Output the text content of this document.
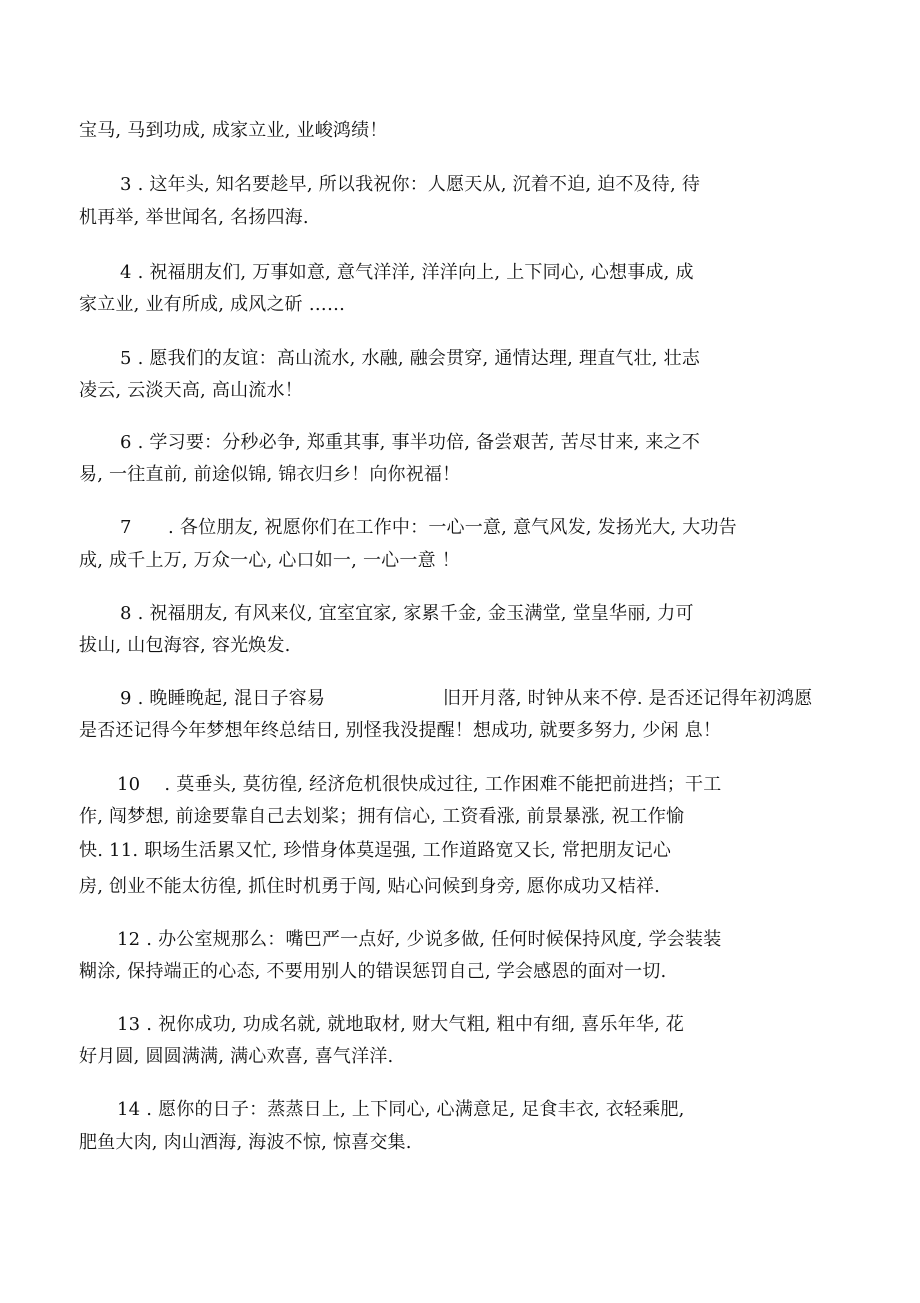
宝马, 马到功成, 成家立业, 业峻鸿绩！
3 . 这年头, 知名要趁早, 所以我祝你：人愿天从, 沉着不迫, 迫不及待, 待
机再举, 举世闻名, 名扬四海.
4 . 祝福朋友们, 万事如意, 意气洋洋, 洋洋向上, 上下同心, 心想事成, 成
家立业, 业有所成, 成风之斫 ……
5 . 愿我们的友谊：高山流水, 水融, 融会贯穿, 通情达理, 理直气壮, 壮志
凌云, 云淡天高, 高山流水！
6 . 学习要：分秒必争, 郑重其事, 事半功倍, 备尝艰苦, 苦尽甘来, 来之不
易, 一往直前, 前途似锦, 锦衣归乡！向你祝福！
7　　. 各位朋友, 祝愿你们在工作中：一心一意, 意气风发, 发扬光大, 大功告
成, 成千上万, 万众一心, 心口如一, 一心一意 ！
8 . 祝福朋友, 有风来仪, 宜室宜家, 家累千金, 金玉满堂, 堂皇华丽, 力可
拔山, 山包海容, 容光焕发.
9 . 晚睡晚起, 混日子容易	旧开月落, 时钟从来不停. 是否还记得年初鸿愿
是否还记得今年梦想年终总结日, 别怪我没提醒！想成功, 就要多努力, 少闲 息！
10　 . 莫垂头, 莫彷徨, 经济危机很快成过往, 工作困难不能把前进挡；干工
作, 闯梦想, 前途要靠自己去划桨；拥有信心, 工资看涨, 前景暴涨, 祝工作愉
快. 11. 职场生活累又忙, 珍惜身体莫逞强, 工作道路宽又长, 常把朋友记心
房, 创业不能太彷徨, 抓住时机勇于闯, 贴心问候到身旁, 愿你成功又桔祥.
12 . 办公室规那么：嘴巴严一点好, 少说多做, 任何时候保持风度, 学会装装
糊涂, 保持端正的心态, 不要用别人的错误惩罚自己, 学会感恩的面对一切.
13 . 祝你成功, 功成名就, 就地取材, 财大气粗, 粗中有细, 喜乐年华, 花
好月圆, 圆圆满满, 满心欢喜, 喜气洋洋.
14 . 愿你的日子：蒸蒸日上, 上下同心, 心满意足, 足食丰衣, 衣轻乘肥,
肥鱼大肉, 肉山酒海, 海波不惊, 惊喜交集.
